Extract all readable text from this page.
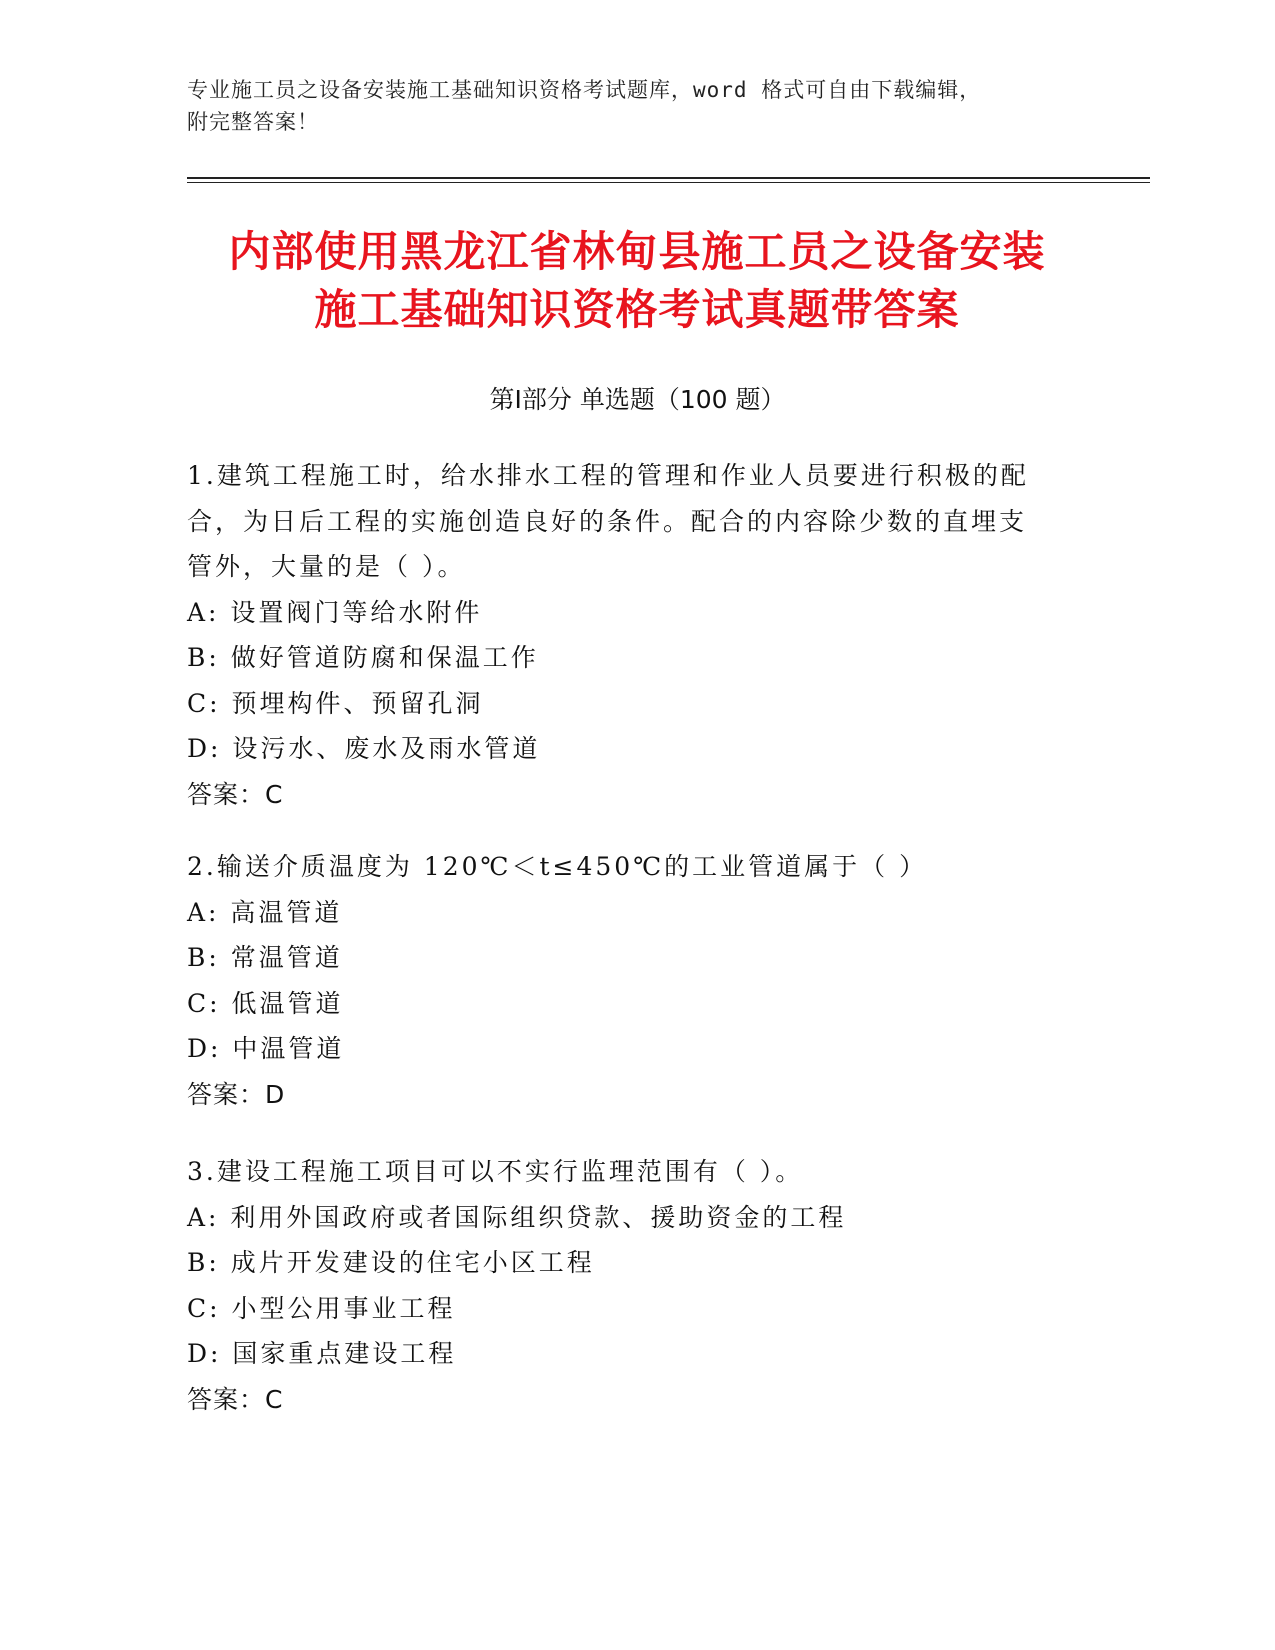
专业施工员之设备安装施工基础知识资格考试题库，word 格式可自由下载编辑，
附完整答案！
内部使用黑龙江省林甸县施工员之设备安装
施工基础知识资格考试真题带答案
第Ⅰ部分 单选题（100 题）
1.建筑工程施工时，给水排水工程的管理和作业人员要进行积极的配
合，为日后工程的实施创造良好的条件。配合的内容除少数的直埋支
管外，大量的是（ ）。
A: 设置阀门等给水附件
B: 做好管道防腐和保温工作
C: 预埋构件、预留孔洞
D: 设污水、废水及雨水管道
答案：C
2.输送介质温度为 120℃＜t≤450℃的工业管道属于（ ）
A: 高温管道
B: 常温管道
C: 低温管道
D: 中温管道
答案：D
3.建设工程施工项目可以不实行监理范围有（ ）。
A: 利用外国政府或者国际组织贷款、援助资金的工程
B: 成片开发建设的住宅小区工程
C: 小型公用事业工程
D: 国家重点建设工程
答案：C
